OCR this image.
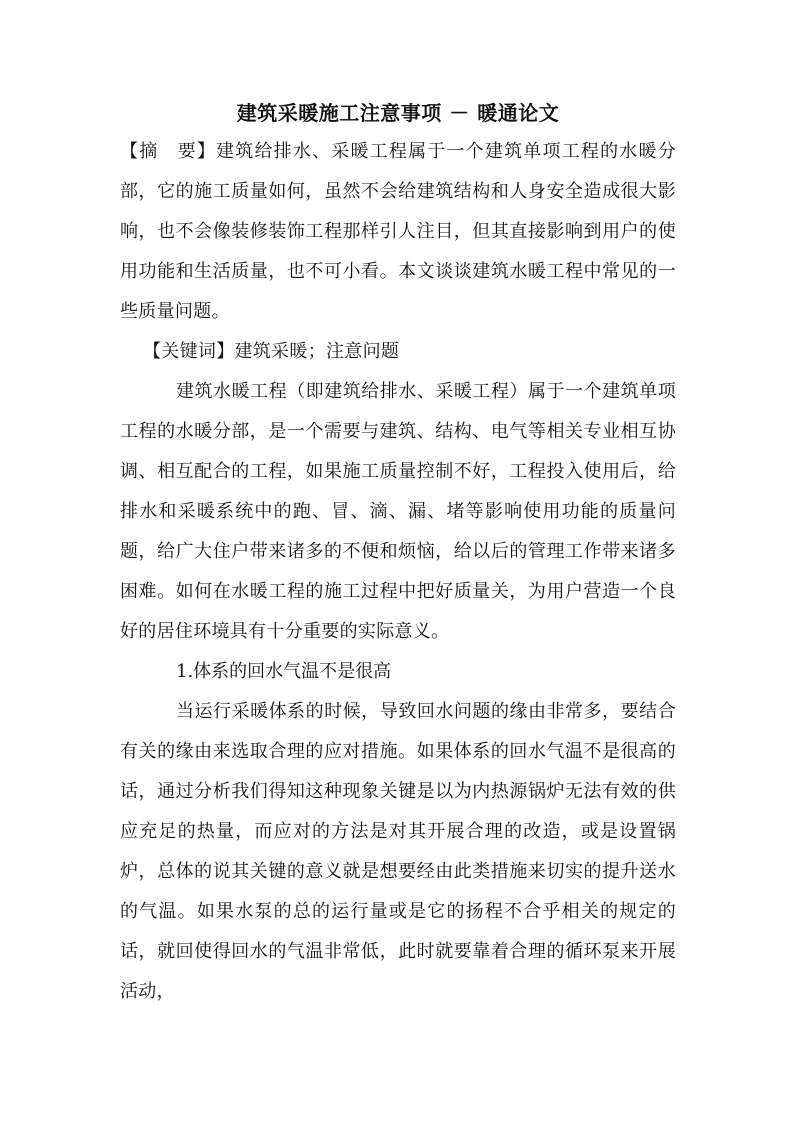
建筑采暖施工注意事项 － 暖通论文

【摘　要】建筑给排水、采暖工程属于一个建筑单项工程的水暖分部，它的施工质量如何，虽然不会给建筑结构和人身安全造成很大影响，也不会像装修装饰工程那样引人注目，但其直接影响到用户的使用功能和生活质量，也不可小看。本文谈谈建筑水暖工程中常见的一些质量问题。

【关键词】建筑采暖；注意问题

建筑水暖工程（即建筑给排水、采暖工程）属于一个建筑单项工程的水暖分部，是一个需要与建筑、结构、电气等相关专业相互协调、相互配合的工程，如果施工质量控制不好，工程投入使用后，给排水和采暖系统中的跑、冒、滴、漏、堵等影响使用功能的质量问题，给广大住户带来诸多的不便和烦恼，给以后的管理工作带来诸多困难。如何在水暖工程的施工过程中把好质量关，为用户营造一个良好的居住环境具有十分重要的实际意义。

1.体系的回水气温不是很高

当运行采暖体系的时候，导致回水问题的缘由非常多，要结合有关的缘由来选取合理的应对措施。如果体系的回水气温不是很高的话，通过分析我们得知这种现象关键是以为内热源锅炉无法有效的供应充足的热量，而应对的方法是对其开展合理的改造，或是设置锅炉，总体的说其关键的意义就是想要经由此类措施来切实的提升送水的气温。如果水泵的总的运行量或是它的扬程不合乎相关的规定的话，就回使得回水的气温非常低，此时就要靠着合理的循环泵来开展活动，
